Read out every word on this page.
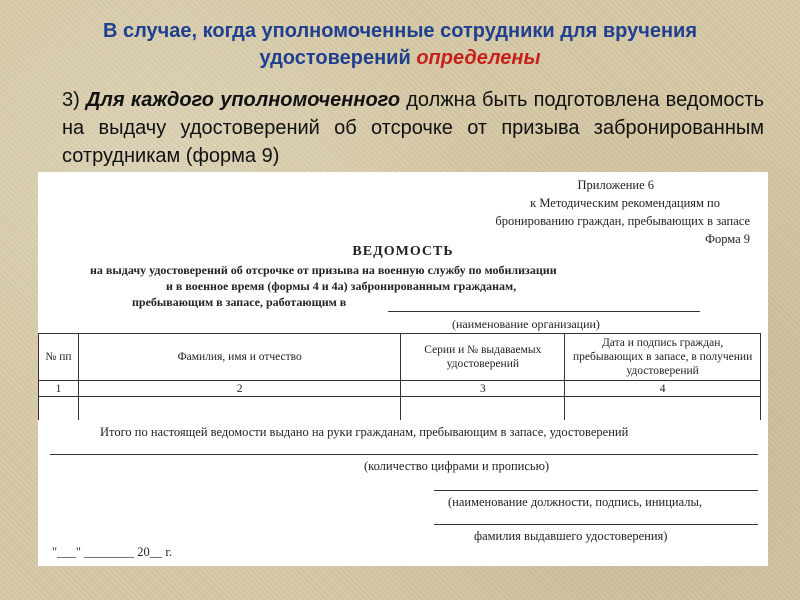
В случае, когда уполномоченные сотрудники для вручения удостоверений определены
3) Для каждого уполномоченного должна быть подготовлена ведомость на выдачу удостоверений об отсрочке от призыва забронированным сотрудникам (форма 9)
Приложение 6
к Методическим рекомендациям по
бронированию граждан, пребывающих в запасе
Форма 9
ВЕДОМОСТЬ
на выдачу удостоверений об отсрочке от призыва на военную службу по мобилизации
и в военное время (формы 4 и 4а) забронированным гражданам,
пребывающим в запасе, работающим в
(наименование организации)
№ пп	Фамилия, имя и отчество	Серии и № выдаваемых удостоверений	Дата и подпись граждан, пребывающих в запасе, в получении удостоверений
1	2	3	4

Итого по настоящей ведомости выдано на руки гражданам, пребывающим в запасе, удостоверений
(количество цифрами и прописью)
(наименование должности, подпись, инициалы,
фамилия выдавшего удостоверения)
"___" ________ 20__ г.
